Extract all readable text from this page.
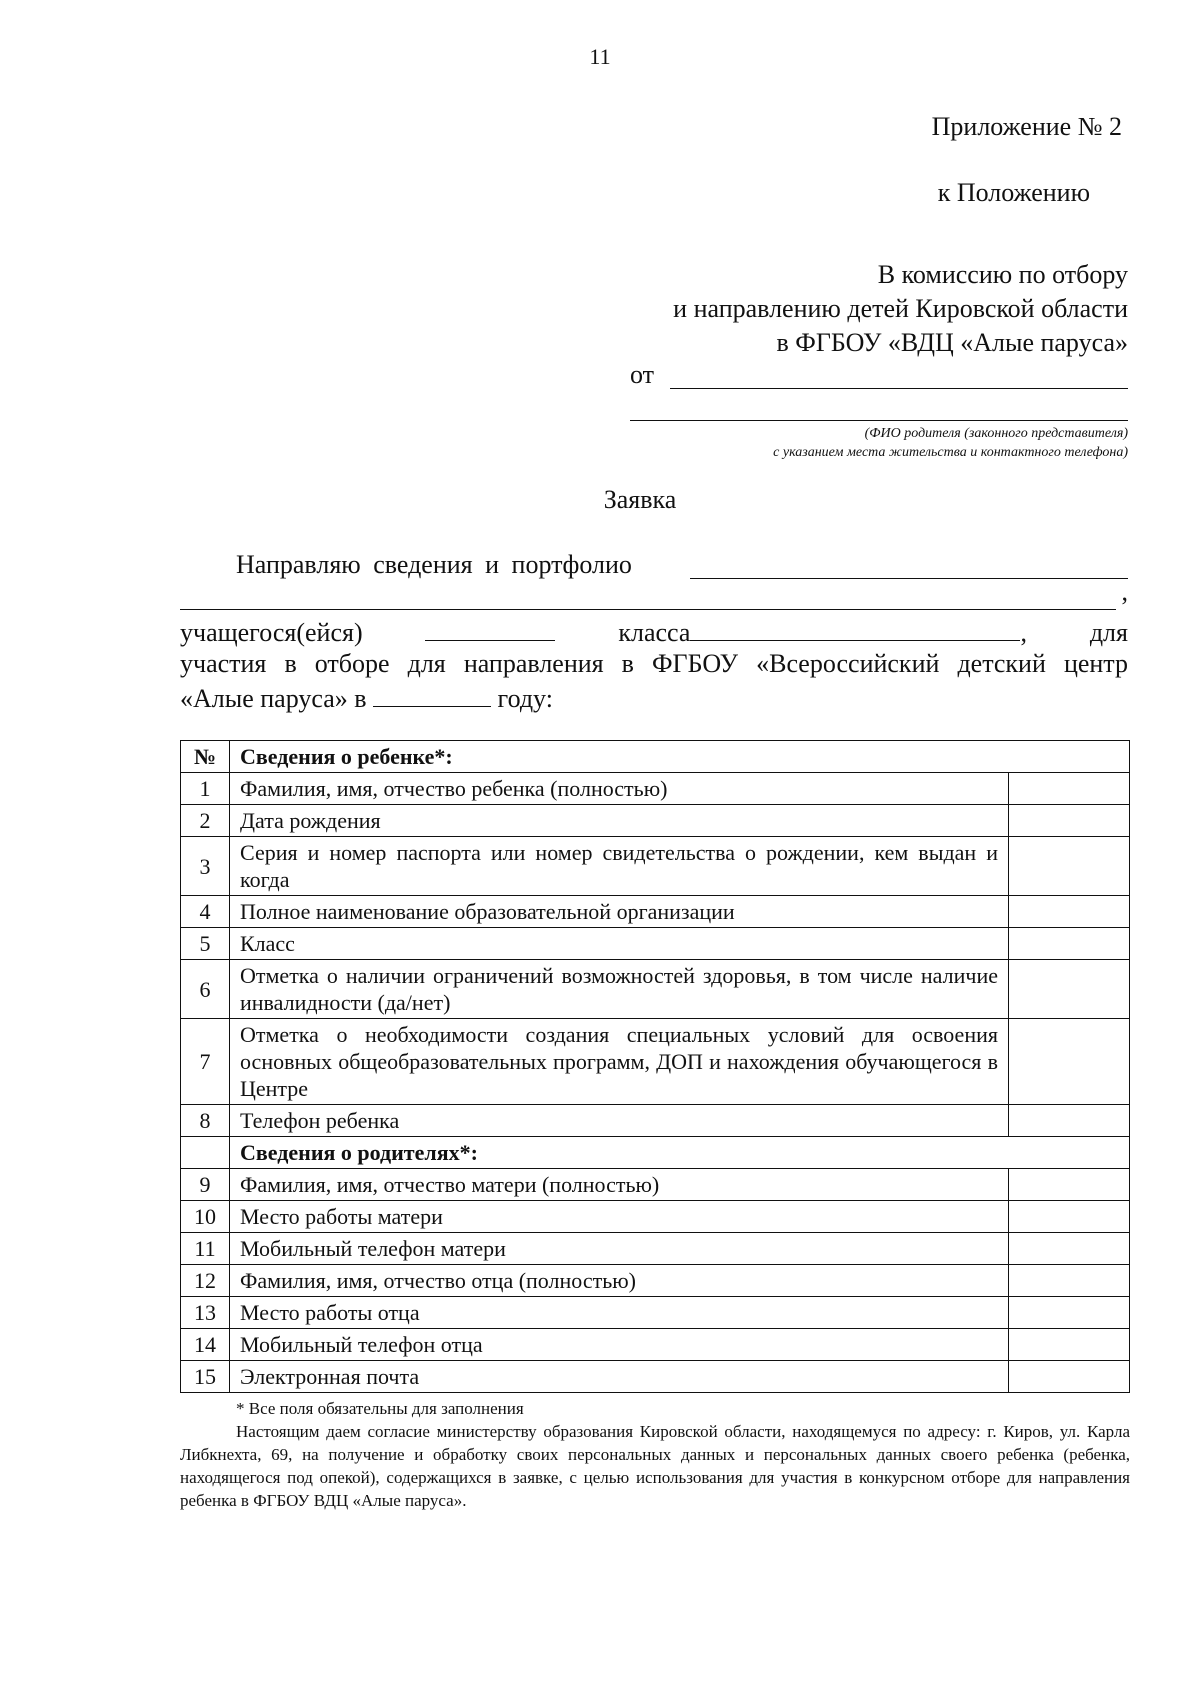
11
Приложение № 2
к Положению
В комиссию по отбору
и направлению детей Кировской области
в ФГБОУ «ВДЦ «Алые паруса»
от
(ФИО родителя (законного представителя)
с указанием места жительства и контактного телефона)
Заявка
Направляю сведения и портфолио
,
учащегося(ейся)	класса	, для
участия в отборе для направления в ФГБОУ «Всероссийский детский центр
«Алые паруса» в	году:
№	Сведения о ребенке*:	
1	Фамилия, имя, отчество ребенка (полностью)	
2	Дата рождения	
3	Серия и номер паспорта или номер свидетельства о рождении, кем выдан и когда	
4	Полное наименование образовательной организации	
5	Класс	
6	Отметка о наличии ограничений возможностей здоровья, в том числе наличие инвалидности (да/нет)	
7	Отметка о необходимости создания специальных условий для освоения основных общеобразовательных программ, ДОП и нахождения обучающегося в Центре	
8	Телефон ребенка	
	Сведения о родителях*:	
9	Фамилия, имя, отчество матери (полностью)	
10	Место работы матери	
11	Мобильный телефон матери	
12	Фамилия, имя, отчество отца (полностью)	
13	Место работы отца	
14	Мобильный телефон отца	
15	Электронная почта	
* Все поля обязательны для заполнения
Настоящим даем согласие министерству образования Кировской области, находящемуся по адресу: г. Киров, ул. Карла Либкнехта, 69, на получение и обработку своих персональных данных и персональных данных своего ребенка (ребенка, находящегося под опекой), содержащихся в заявке, с целью использования для участия в конкурсном отборе для направления ребенка в ФГБОУ ВДЦ «Алые паруса».
